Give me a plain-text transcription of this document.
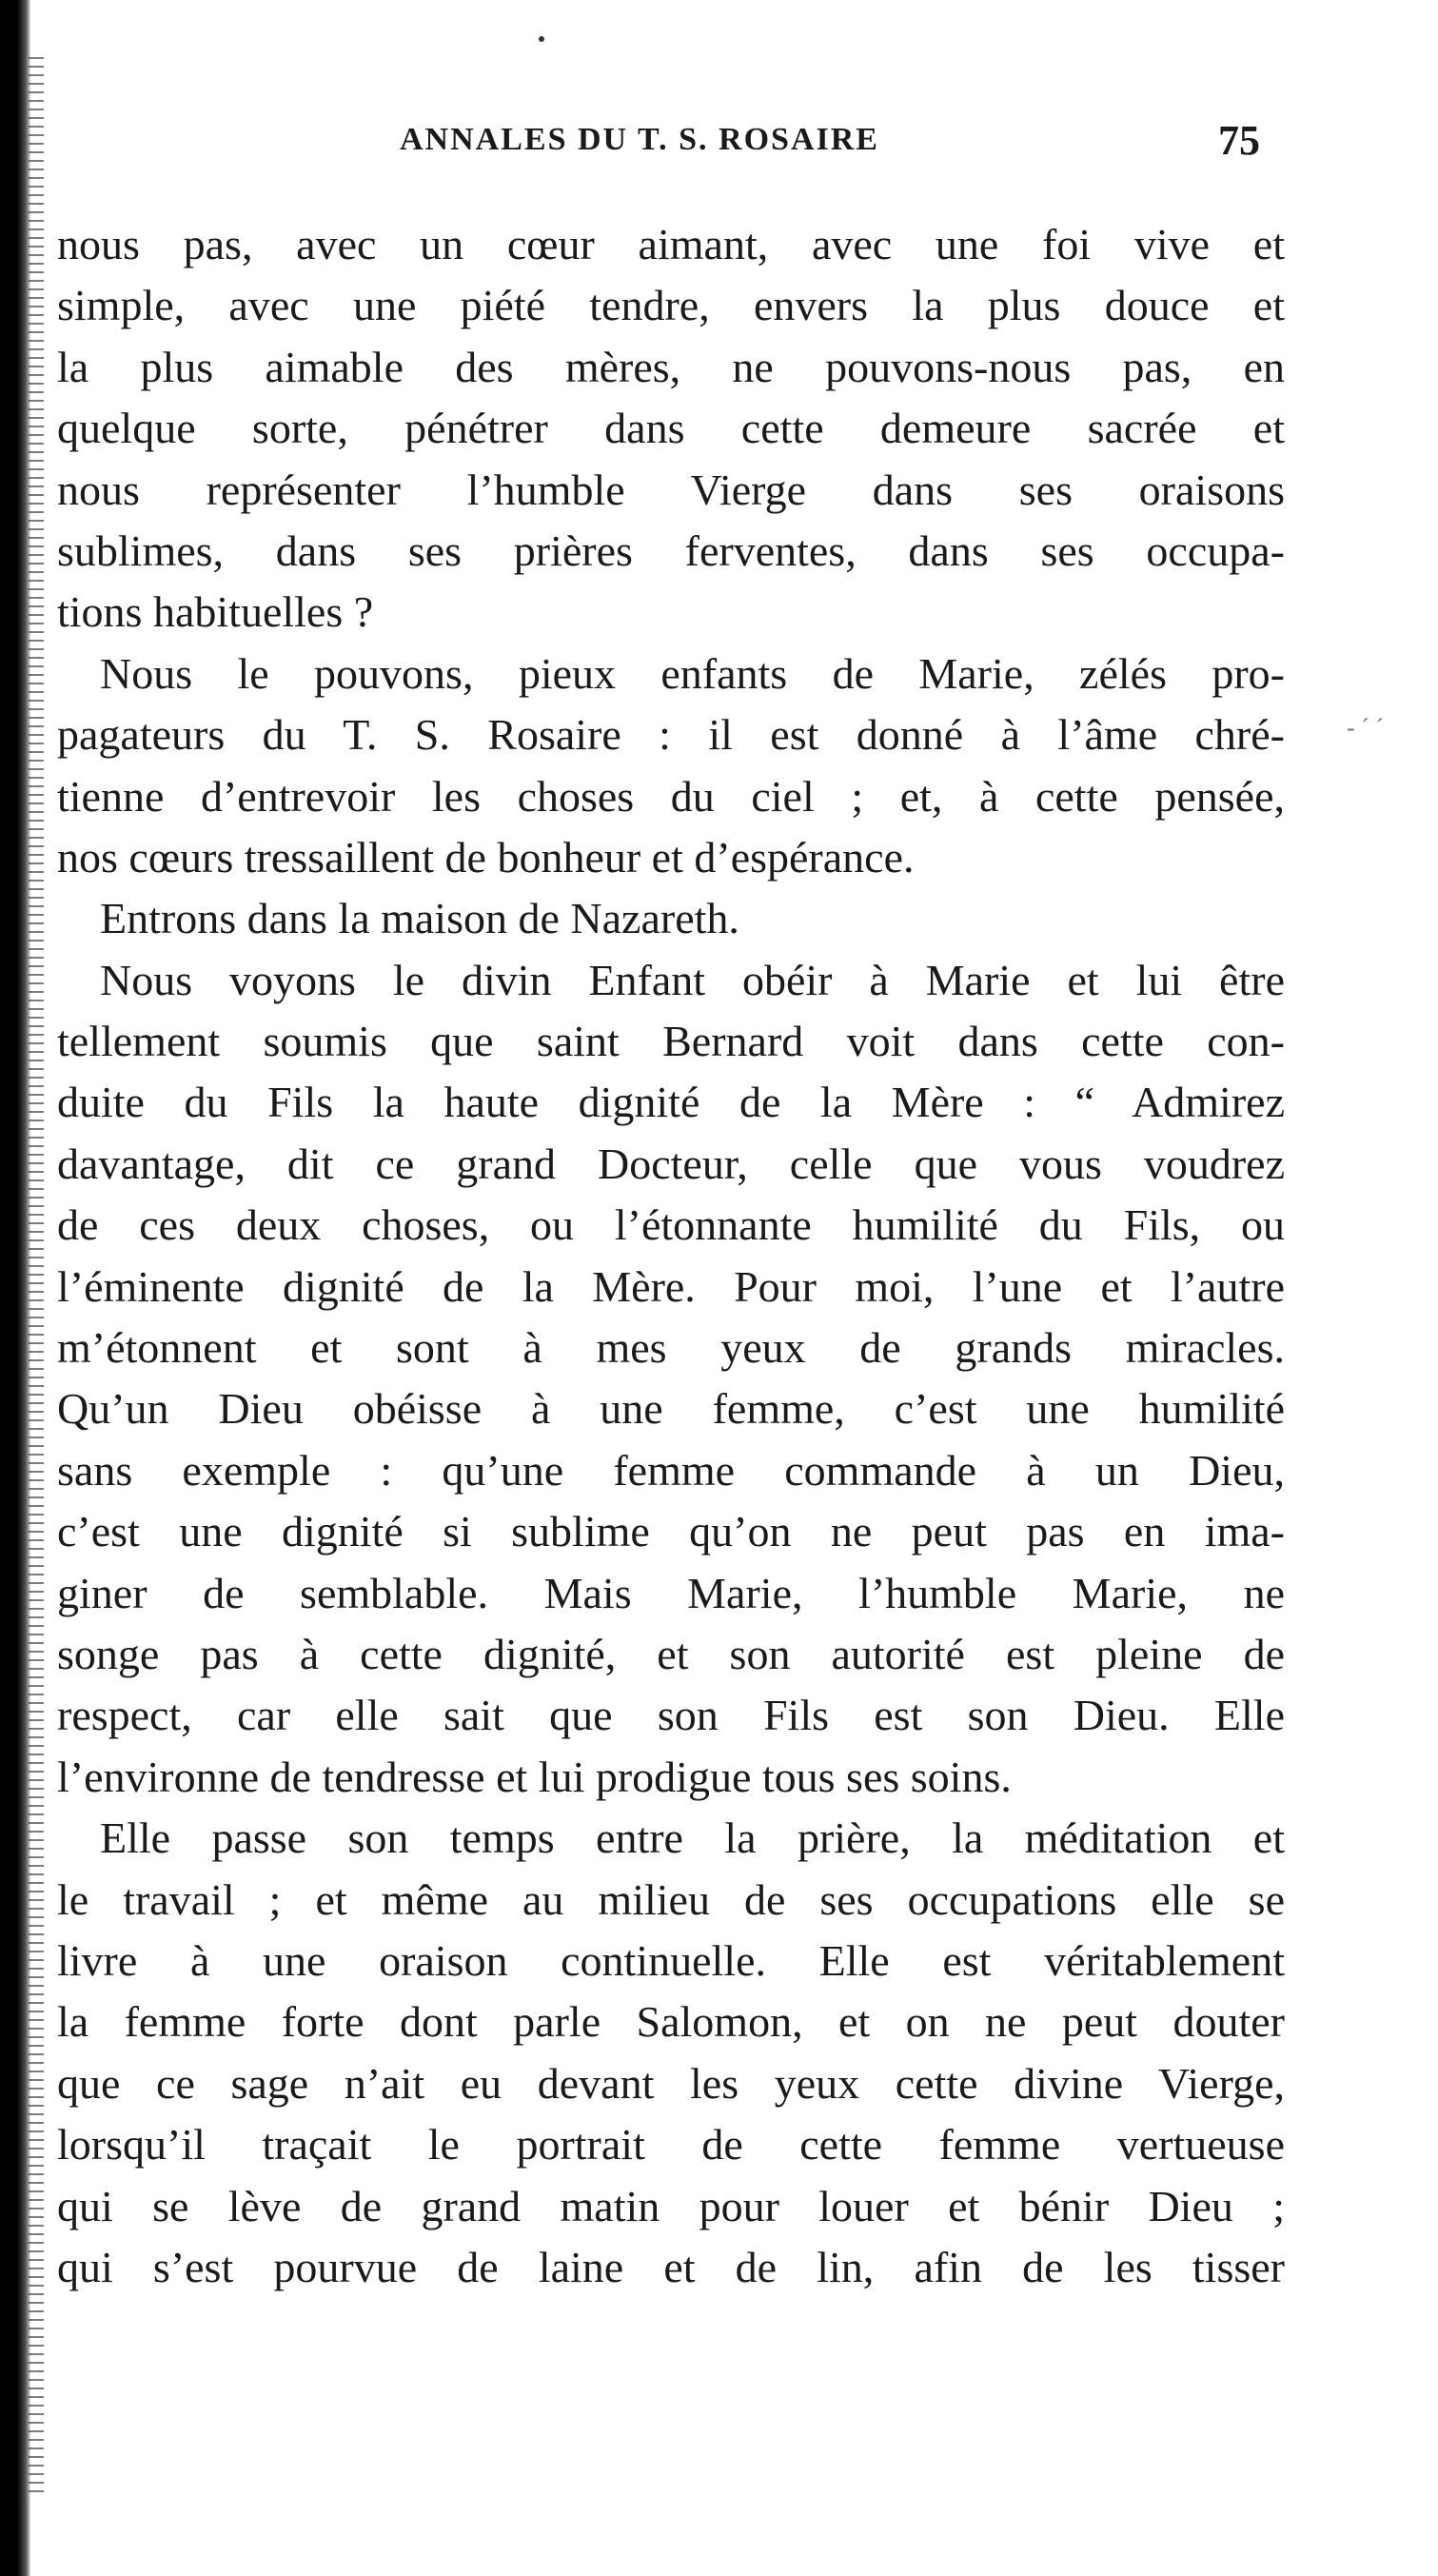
- ˊ ˊ
ANNALES DU T. S. ROSAIRE	75
nous pas, avec un cœur aimant, avec une foi vive et
simple, avec une piété tendre, envers la plus douce et
la plus aimable des mères, ne pouvons-nous pas, en
quelque sorte, pénétrer dans cette demeure sacrée et
nous représenter l’humble Vierge dans ses oraisons
sublimes, dans ses prières ferventes, dans ses occupa-
tions habituelles ?
Nous le pouvons, pieux enfants de Marie, zélés pro-
pagateurs du T. S. Rosaire : il est donné à l’âme chré-
tienne d’entrevoir les choses du ciel ; et, à cette pensée,
nos cœurs tressaillent de bonheur et d’espérance.
Entrons dans la maison de Nazareth.
Nous voyons le divin Enfant obéir à Marie et lui être
tellement soumis que saint Bernard voit dans cette con-
duite du Fils la haute dignité de la Mère : “ Admirez
davantage, dit ce grand Docteur, celle que vous voudrez
de ces deux choses, ou l’étonnante humilité du Fils, ou
l’éminente dignité de la Mère. Pour moi, l’une et l’autre
m’étonnent et sont à mes yeux de grands miracles.
Qu’un Dieu obéisse à une femme, c’est une humilité
sans exemple : qu’une femme commande à un Dieu,
c’est une dignité si sublime qu’on ne peut pas en ima-
giner de semblable. Mais Marie, l’humble Marie, ne
songe pas à cette dignité, et son autorité est pleine de
respect, car elle sait que son Fils est son Dieu. Elle
l’environne de tendresse et lui prodigue tous ses soins.
Elle passe son temps entre la prière, la méditation et
le travail ; et même au milieu de ses occupations elle se
livre à une oraison continuelle. Elle est véritablement
la femme forte dont parle Salomon, et on ne peut douter
que ce sage n’ait eu devant les yeux cette divine Vierge,
lorsqu’il traçait le portrait de cette femme vertueuse
qui se lève de grand matin pour louer et bénir Dieu ;
qui s’est pourvue de laine et de lin, afin de les tisser
